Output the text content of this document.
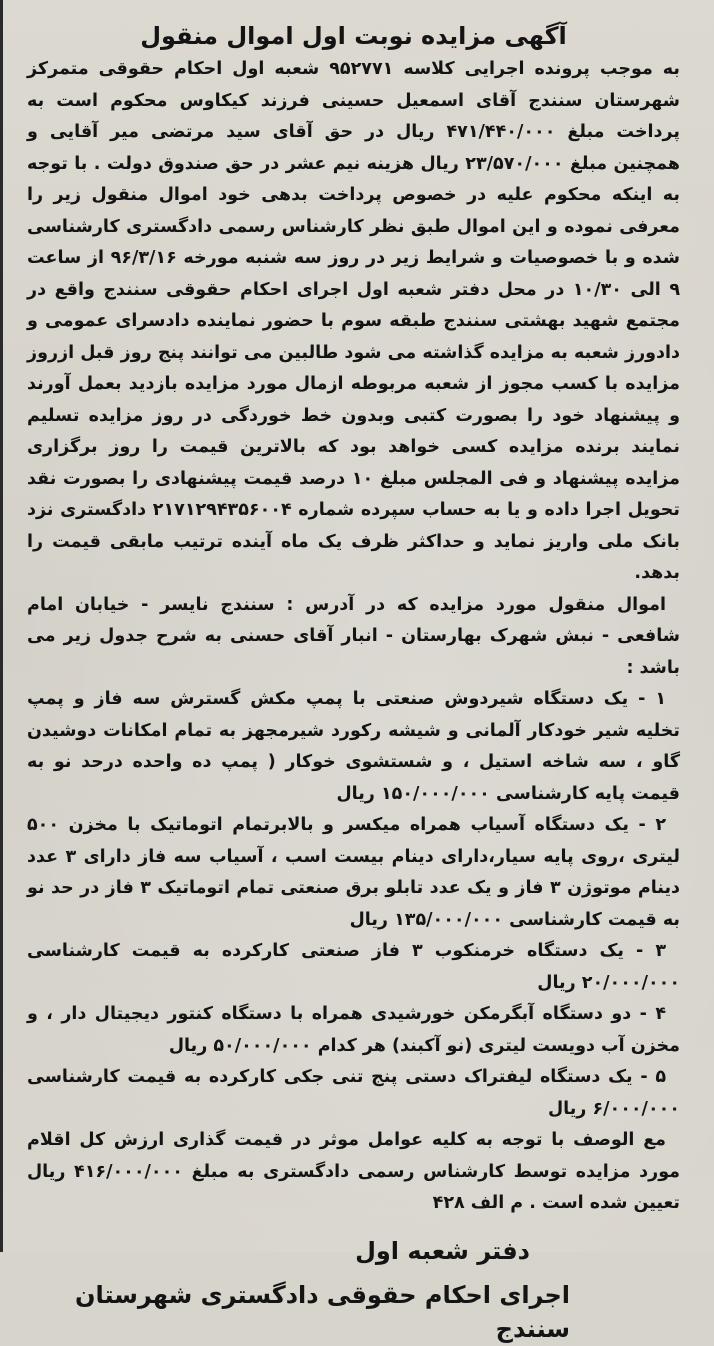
آگهی مزایده نوبت اول اموال منقول

به موجب پرونده اجرایی کلاسه ۹۵۲۷۷۱ شعبه اول احکام حقوقی متمرکز شهرستان سنندج آقای اسمعیل حسینی فرزند کیکاوس محکوم است به پرداخت مبلغ ۴۷۱/۴۴۰/۰۰۰ ریال در حق آقای سید مرتضی میر آقایی و همچنین مبلغ ۲۳/۵۷۰/۰۰۰ ریال هزینه نیم عشر در حق صندوق دولت . با توجه به اینکه محکوم علیه در خصوص پرداخت بدهی خود اموال منقول زیر را معرفی نموده و این اموال طبق نظر کارشناس رسمی دادگستری کارشناسی شده و با خصوصیات و شرایط زیر در روز سه شنبه مورخه ۹۶/۳/۱۶ از ساعت ۹ الی ۱۰/۳۰ در محل دفتر شعبه اول اجرای احکام حقوقی سنندج واقع در مجتمع شهید بهشتی سنندج طبقه سوم با حضور نماینده دادسرای عمومی و دادورز شعبه به مزایده گذاشته می شود طالبین می توانند پنج روز قبل ازروز مزایده با کسب مجوز از شعبه مربوطه ازمال مورد مزایده بازدید بعمل آورند و پیشنهاد خود را بصورت کتبی وبدون خط خوردگی در روز مزایده تسلیم نمایند برنده مزایده کسی خواهد بود که بالاترین قیمت را روز برگزاری مزایده پیشنهاد و فی المجلس مبلغ ۱۰ درصد قیمت پیشنهادی را بصورت نقد تحویل اجرا داده و یا به حساب سپرده شماره ۲۱۷۱۲۹۴۳۵۶۰۰۴ دادگستری نزد بانک ملی واریز نماید و حداکثر ظرف یک ماه آینده ترتیب مابقی قیمت را بدهد.

اموال منقول مورد مزایده که در آدرس : سنندج نایسر - خیابان امام شافعی - نبش شهرک بهارستان - انبار آقای حسنی به شرح جدول زیر می باشد :

۱ - یک دستگاه شیردوش صنعتی با پمپ مکش گسترش سه فاز و پمپ تخلیه شیر خودکار آلمانی و شیشه رکورد شیرمجهز به تمام امکانات دوشیدن گاو ، سه شاخه استیل ، و شستشوی خوکار ( پمپ ده واحده درحد نو به قیمت پایه کارشناسی ۱۵۰/۰۰۰/۰۰۰ ریال

۲ - یک دستگاه آسیاب همراه میکسر و بالابرتمام اتوماتیک با مخزن ۵۰۰ لیتری ،روی پایه سیار،دارای دینام بیست اسب ، آسیاب سه فاز دارای ۳ عدد دینام موتوژن ۳ فاز و یک عدد تابلو برق صنعتی تمام اتوماتیک ۳ فاز در حد نو به قیمت کارشناسی ۱۳۵/۰۰۰/۰۰۰ ریال

۳ - یک دستگاه خرمنکوب ۳ فاز صنعتی کارکرده به قیمت کارشناسی ۲۰/۰۰۰/۰۰۰ ریال

۴ - دو دستگاه آبگرمکن خورشیدی همراه با دستگاه کنتور دیجیتال دار ، و مخزن آب دویست لیتری (نو آکبند) هر کدام ۵۰/۰۰۰/۰۰۰ ریال

۵ - یک دستگاه لیفتراک دستی پنج تنی جکی کارکرده به قیمت کارشناسی ۶/۰۰۰/۰۰۰ ریال

مع الوصف با توجه به کلیه عوامل موثر در قیمت گذاری ارزش کل اقلام مورد مزایده توسط کارشناس رسمی دادگستری به مبلغ ۴۱۶/۰۰۰/۰۰۰ ریال تعیین شده است . م الف ۴۲۸

دفتر شعبه اول
اجرای احکام حقوقی دادگستری شهرستان سنندج
